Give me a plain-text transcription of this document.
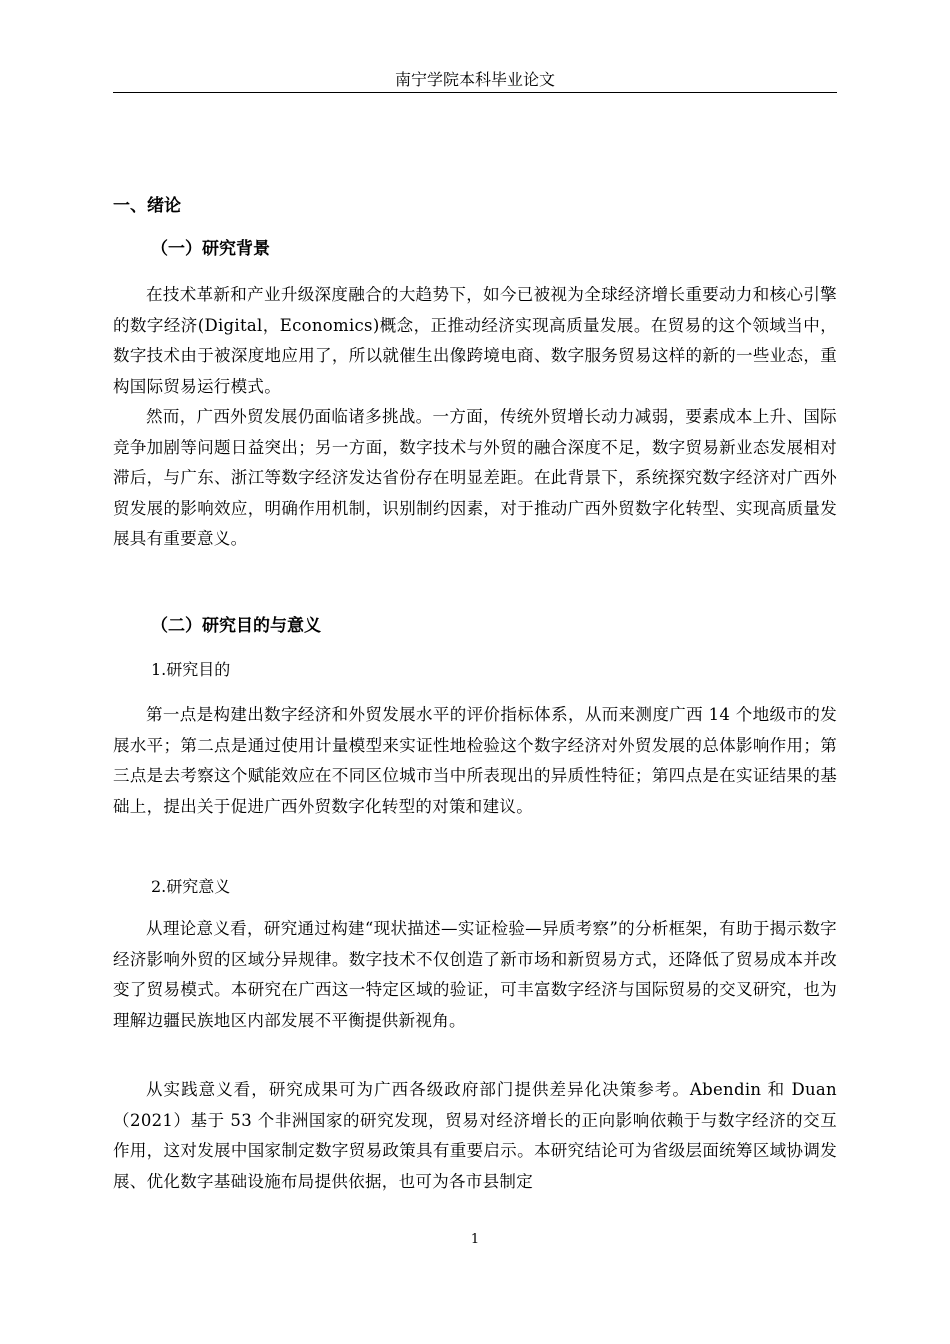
南宁学院本科毕业论文
一、绪论
（一）研究背景
在技术革新和产业升级深度融合的大趋势下，如今已被视为全球经济增长重要动力和核心引擎的数字经济(Digital，Economics)概念，正推动经济实现高质量发展。在贸易的这个领域当中，数字技术由于被深度地应用了，所以就催生出像跨境电商、数字服务贸易这样的新的一些业态，重构国际贸易运行模式。
然而，广西外贸发展仍面临诸多挑战。一方面，传统外贸增长动力减弱，要素成本上升、国际竞争加剧等问题日益突出；另一方面，数字技术与外贸的融合深度不足，数字贸易新业态发展相对滞后，与广东、浙江等数字经济发达省份存在明显差距。在此背景下，系统探究数字经济对广西外贸发展的影响效应，明确作用机制，识别制约因素，对于推动广西外贸数字化转型、实现高质量发展具有重要意义。
（二）研究目的与意义
1.研究目的
第一点是构建出数字经济和外贸发展水平的评价指标体系，从而来测度广西 14 个地级市的发展水平；第二点是通过使用计量模型来实证性地检验这个数字经济对外贸发展的总体影响作用；第三点是去考察这个赋能效应在不同区位城市当中所表现出的异质性特征；第四点是在实证结果的基础上，提出关于促进广西外贸数字化转型的对策和建议。
2.研究意义
从理论意义看，研究通过构建“现状描述—实证检验—异质考察”的分析框架，有助于揭示数字经济影响外贸的区域分异规律。数字技术不仅创造了新市场和新贸易方式，还降低了贸易成本并改变了贸易模式。本研究在广西这一特定区域的验证，可丰富数字经济与国际贸易的交叉研究，也为理解边疆民族地区内部发展不平衡提供新视角。
从实践意义看，研究成果可为广西各级政府部门提供差异化决策参考。Abendin 和 Duan（2021）基于 53 个非洲国家的研究发现，贸易对经济增长的正向影响依赖于与数字经济的交互作用，这对发展中国家制定数字贸易政策具有重要启示。本研究结论可为省级层面统筹区域协调发展、优化数字基础设施布局提供依据，也可为各市县制定
1
